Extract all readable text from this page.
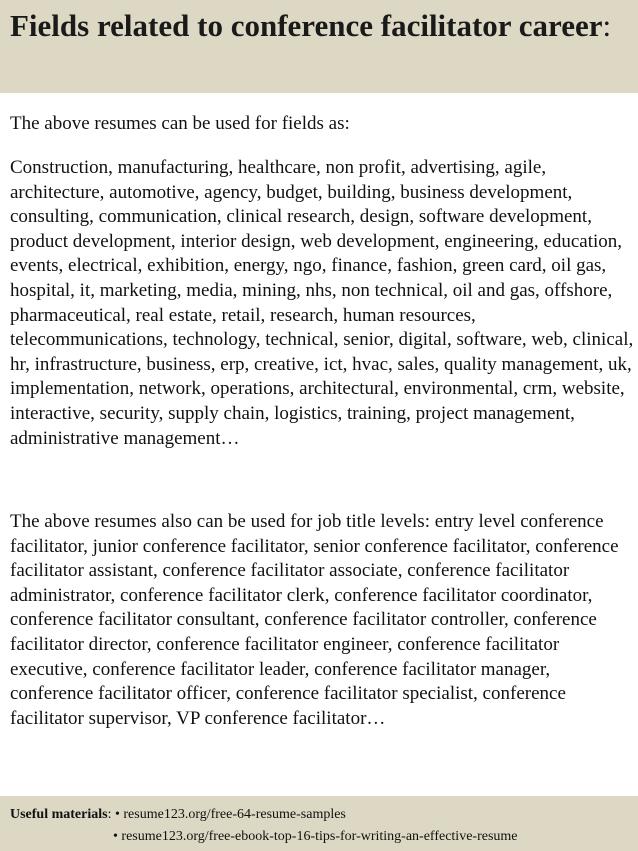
Fields related to conference facilitator career:

The above resumes can be used for fields as:

Construction, manufacturing, healthcare, non profit, advertising, agile, architecture, automotive, agency, budget, building, business development, consulting, communication, clinical research, design, software development, product development, interior design, web development, engineering, education, events, electrical, exhibition, energy, ngo, finance, fashion, green card, oil gas, hospital, it, marketing, media, mining, nhs, non technical, oil and gas, offshore, pharmaceutical, real estate, retail, research, human resources, telecommunications, technology, technical, senior, digital, software, web, clinical, hr, infrastructure, business, erp, creative, ict, hvac, sales, quality management, uk, implementation, network, operations, architectural, environmental, crm, website, interactive, security, supply chain, logistics, training, project management, administrative management…

The above resumes also can be used for job title levels: entry level conference facilitator, junior conference facilitator, senior conference facilitator, conference facilitator assistant, conference facilitator associate, conference facilitator administrator, conference facilitator clerk, conference facilitator coordinator, conference facilitator consultant, conference facilitator controller, conference facilitator director, conference facilitator engineer, conference facilitator executive, conference facilitator leader, conference facilitator manager, conference facilitator officer, conference facilitator specialist, conference facilitator supervisor, VP conference facilitator…

Useful materials: • resume123.org/free-64-resume-samples
• resume123.org/free-ebook-top-16-tips-for-writing-an-effective-resume
